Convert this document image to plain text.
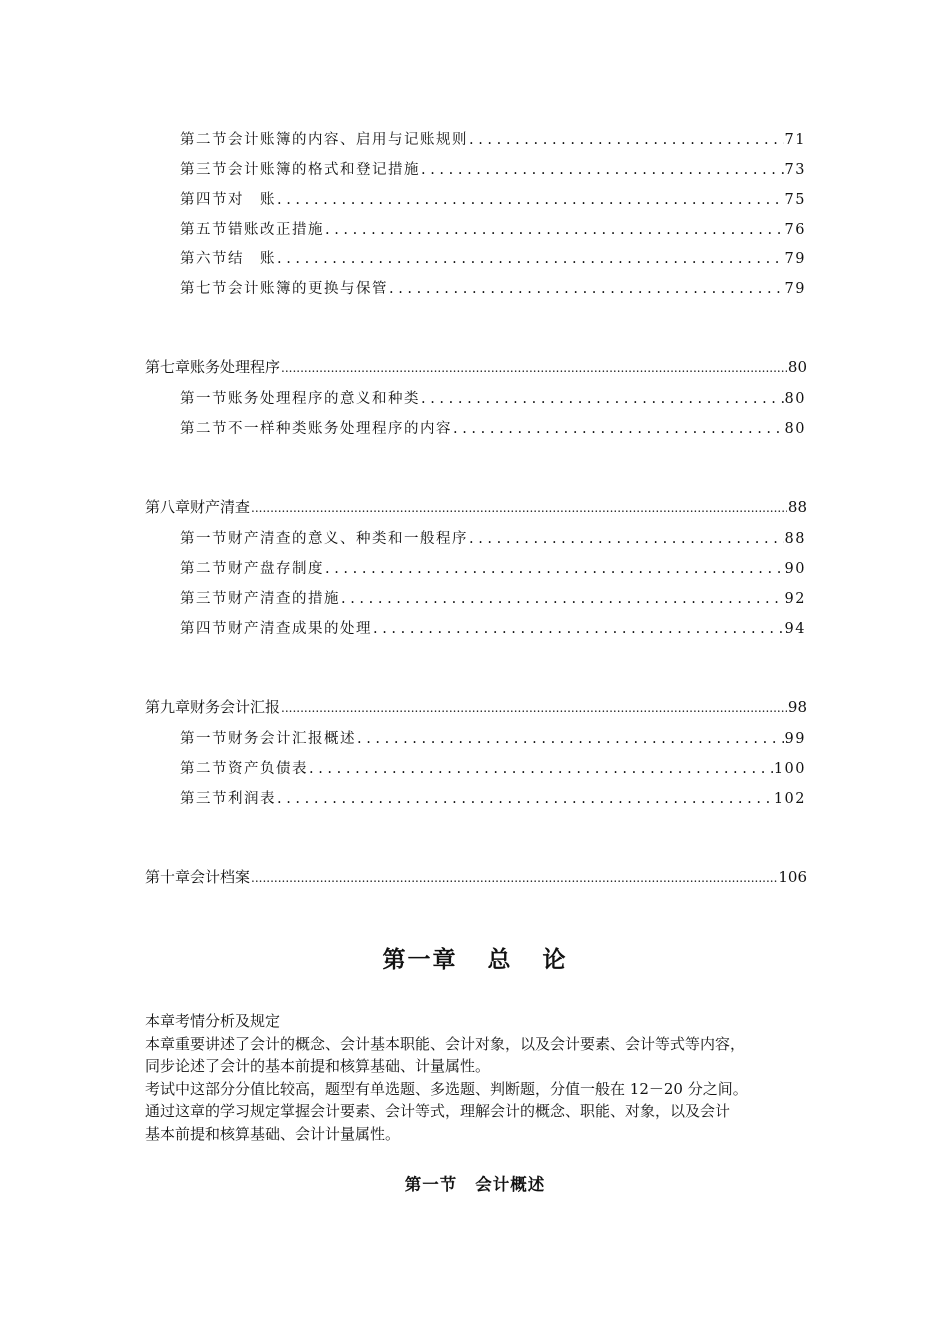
第二节 会计账簿的内容、启用与记账规则 . . .	71
第三节 会计账簿的格式和登记措施 . . .	73
第四节 对　账 . . .	75
第五节 错账改正措施 . . .	76
第六节 结　账 . . .	79
第七节 会计账簿的更换与保管 . . .	79
第七章 账务处理程序 .....	80
第一节 账务处理程序的意义和种类 . . .	80
第二节 不一样种类账务处理程序的内容 . . .	80
第八章 财产清查 .....	88
第一节 财产清查的意义、种类和一般程序 . . .	88
第二节 财产盘存制度 . . .	90
第三节 财产清查的措施 . . .	92
第四节 财产清查成果的处理 . . .	94
第九章 财务会计汇报 .....	98
第一节 财务会计汇报概述 . . .	99
第二节 资产负债表 . . .	100
第三节 利润表 . . .	102
第十章 会计档案 .....	106
第一章 总 论

本章考情分析及规定

本章重要讲述了会计的概念、会计基本职能、会计对象，以及会计要素、会计等式等内容，

同步论述了会计的基本前提和核算基础、计量属性。

考试中这部分分值比较高，题型有单选题、多选题、判断题，分值一般在 12－20 分之间。

通过这章的学习规定掌握会计要素、会计等式，理解会计的概念、职能、对象，以及会计

基本前提和核算基础、会计计量属性。

第一节 会计概述
